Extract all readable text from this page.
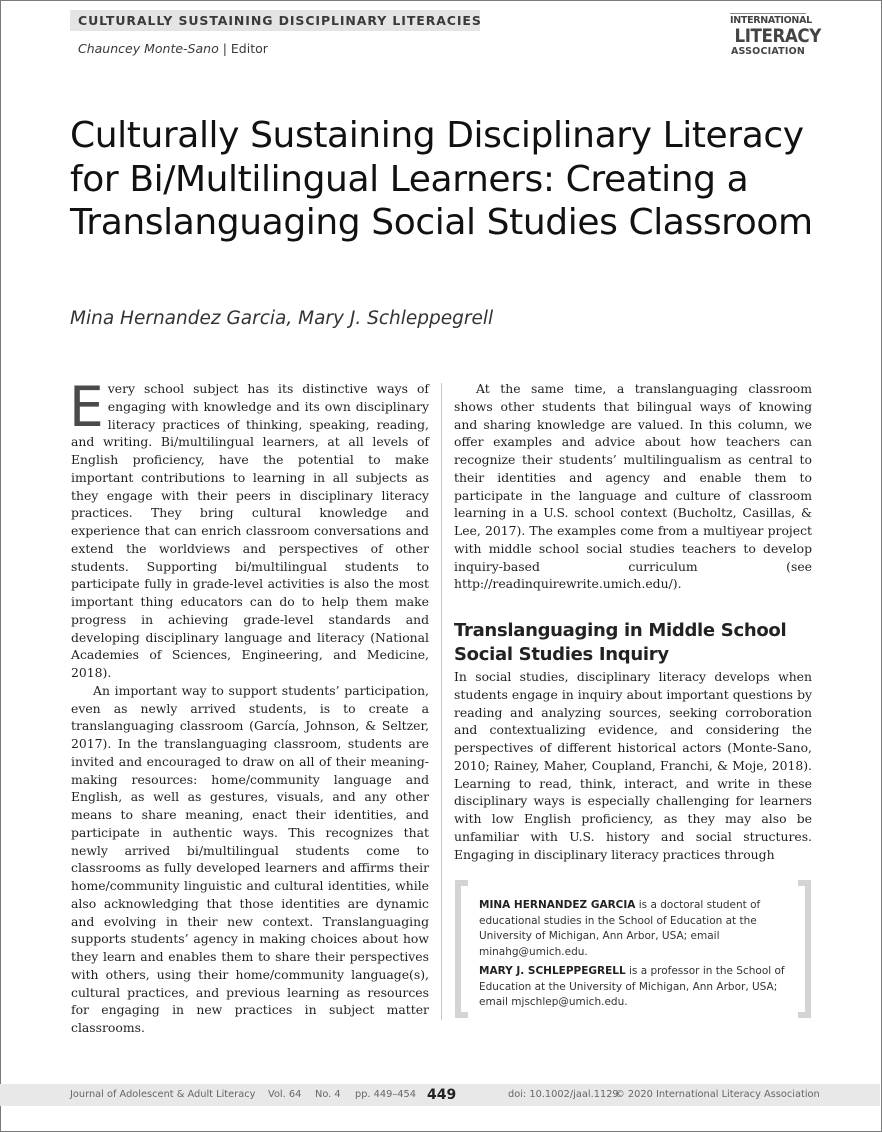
CULTURALLY SUSTAINING DISCIPLINARY LITERACIES
Chauncey Monte-Sano | Editor
INTERNATIONAL
LITERACY
ASSOCIATION
Culturally Sustaining Disciplinary Literacy for Bi/Multilingual Learners: Creating a Translanguaging Social Studies Classroom
Mina Hernandez Garcia, Mary J. Schleppegrell

Every school subject has its distinctive ways of engaging with knowledge and its own disciplinary literacy practices of thinking, speaking, reading, and writing. Bi/multilingual learners, at all levels of English proficiency, have the potential to make important contributions to learning in all subjects as they engage with their peers in disciplinary literacy practices. They bring cultural knowledge and experience that can enrich classroom conversations and extend the worldviews and perspectives of other students. Supporting bi/multilingual students to participate fully in grade-level activities is also the most important thing educators can do to help them make progress in achieving grade-level standards and developing disciplinary language and literacy (National Academies of Sciences, Engineering, and Medicine, 2018).

An important way to support students’ participation, even as newly arrived students, is to create a translanguaging classroom (García, Johnson, & Seltzer, 2017). In the translanguaging classroom, students are invited and encouraged to draw on all of their meaning-making resources: home/community language and English, as well as gestures, visuals, and any other means to share meaning, enact their identities, and participate in authentic ways. This recognizes that newly arrived bi/multilingual students come to classrooms as fully developed learners and affirms their home/community linguistic and cultural identities, while also acknowledging that those identities are dynamic and evolving in their new context. Translanguaging supports students’ agency in making choices about how they learn and enables them to share their perspectives with others, using their home/community language(s), cultural practices, and previous learning as resources for engaging in new practices in subject matter classrooms.

At the same time, a translanguaging classroom shows other students that bilingual ways of knowing and sharing knowledge are valued. In this column, we offer examples and advice about how teachers can recognize their students’ multilingualism as central to their identities and agency and enable them to participate in the language and culture of classroom learning in a U.S. school context (Bucholtz, Casillas, & Lee, 2017). The examples come from a multiyear project with middle school social studies teachers to develop inquiry-based curriculum (see http://readinquirewrite.umich.edu/).

Translanguaging in Middle School Social Studies Inquiry

In social studies, disciplinary literacy develops when students engage in inquiry about important questions by reading and analyzing sources, seeking corroboration and contextualizing evidence, and considering the perspectives of different historical actors (Monte-Sano, 2010; Rainey, Maher, Coupland, Franchi, & Moje, 2018). Learning to read, think, interact, and write in these disciplinary ways is especially challenging for learners with low English proficiency, as they may also be unfamiliar with U.S. history and social structures. Engaging in disciplinary literacy practices through

MINA HERNANDEZ GARCIA is a doctoral student of educational studies in the School of Education at the University of Michigan, Ann Arbor, USA; email minahg@umich.edu.

MARY J. SCHLEPPEGRELL is a professor in the School of Education at the University of Michigan, Ann Arbor, USA; email mjschlep@umich.edu.

Journal of Adolescent & Adult Literacy Vol. 64 No. 4 pp. 449–454 449	doi: 10.1002/jaal.1129
© 2020 International Literacy Association
